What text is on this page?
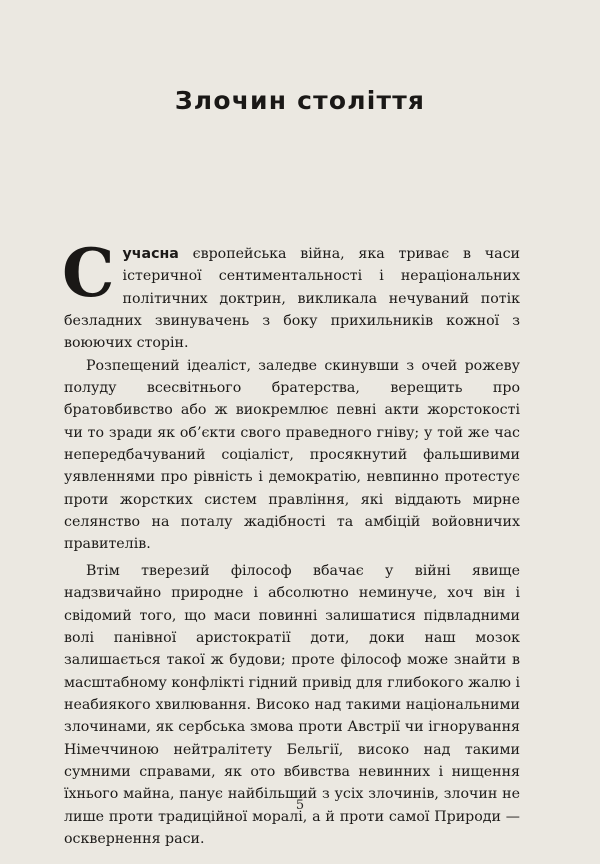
Злочин століття

Сучасна європейська війна, яка триває в часи істеричної сентиментальності і нераціональних політичних доктрин, викликала нечуваний потік безладних звинувачень з боку прихильників кожної з воюючих сторін.

Розпещений ідеаліст, заледве скинувши з очей рожеву полуду всесвітнього братерства, верещить про братовбивство або ж виокремлює певні акти жорстокості чи то зради як об’єкти свого праведного гніву; у той же час непередбачуваний соціаліст, просякнутий фальшивими уявленнями про рівність і демократію, невпинно протестує проти жорстких систем правління, які віддають мирне селянство на поталу жадібності та амбіцій войовничих правителів.

Втім тверезий філософ вбачає у війні явище надзвичайно природне і абсолютно неминуче, хоч він і свідомий того, що маси повинні залишатися підвладними волі панівної аристократії доти, доки наш мозок залишається такої ж будови; проте філософ може знайти в масштабному конфлікті гідний привід для глибокого жалю і неабиякого хвилювання. Високо над такими національними злочинами, як сербська змова проти Австрії чи ігнорування Німеччиною нейтралітету Бельгії, високо над такими сумними справами, як ото вбивства невинних і нищення їхнього майна, панує найбільший з усіх злочинів, злочин не лише проти традиційної моралі, а й проти самої Природи — осквернення раси.

5
